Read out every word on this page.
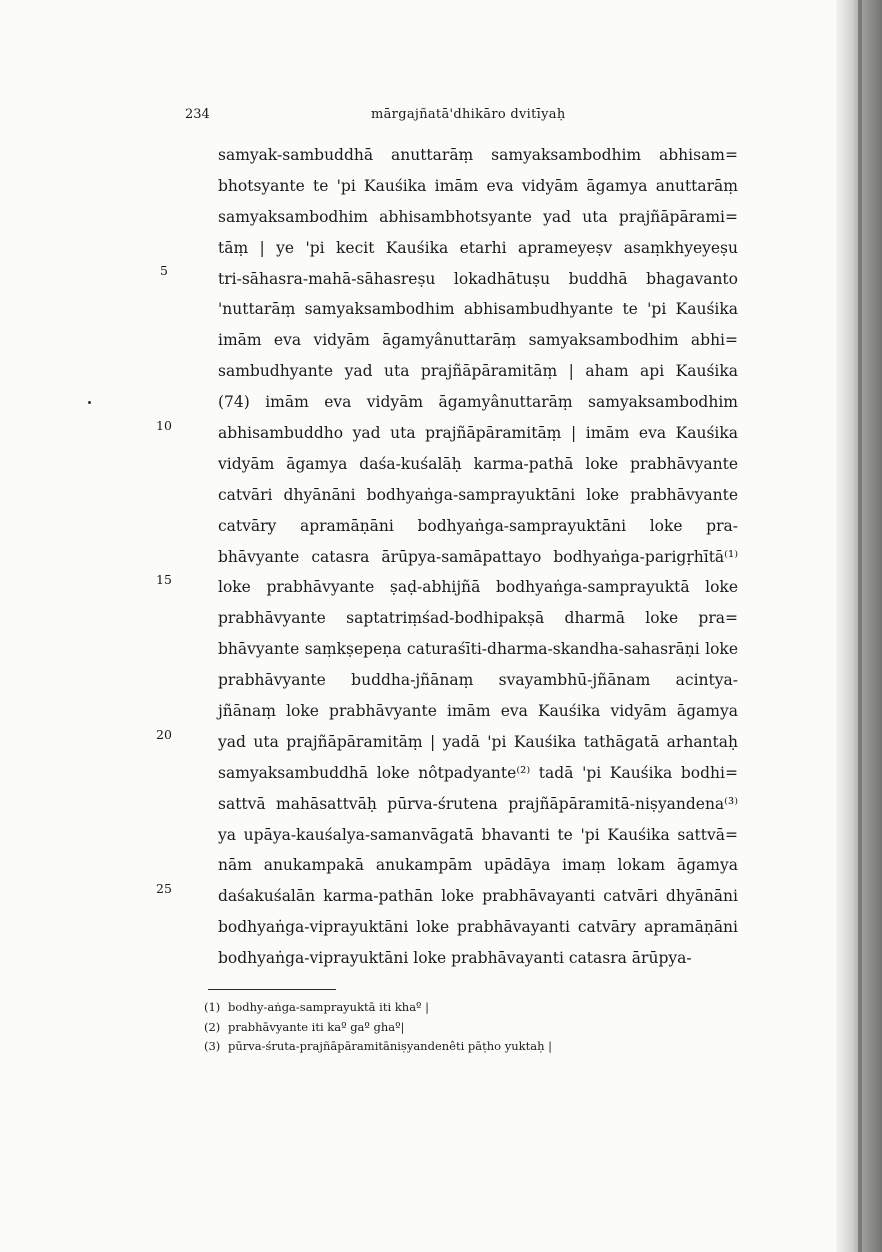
234	mārgajñatā'dhikāro dvitīyaḥ
5
10
15
20
25
samyak-sambuddhā anuttarāṃ samyaksambodhim abhisam=
bhotsyante te 'pi Kauśika imām eva vidyām āgamya anuttarāṃ
samyaksambodhim abhisambhotsyante yad uta prajñāpārami=
tāṃ | ye 'pi kecit Kauśika etarhi aprameyeṣv asaṃkhyeyeṣu
tri-sāhasra-mahā-sāhasreṣu lokadhātuṣu buddhā bhagavanto
'nuttarāṃ samyaksambodhim abhisambudhyante te 'pi Kauśika
imām eva vidyām āgamyânuttarāṃ samyaksambodhim abhi=
sambudhyante yad uta prajñāpāramitāṃ | aham api Kauśika
(74) imām eva vidyām āgamyânuttarāṃ samyaksambodhim
abhisambuddho yad uta prajñāpāramitāṃ | imām eva Kauśika
vidyām āgamya daśa-kuśalāḥ karma-pathā loke prabhāvyante
catvāri dhyānāni bodhyaṅga-samprayuktāni loke prabhāvyante
catvāry apramāṇāni bodhyaṅga-samprayuktāni loke pra-
bhāvyante catasra ārūpya-samāpattayo bodhyaṅga-parigṛhītā⁽¹⁾
loke prabhāvyante ṣaḍ-abhijñā bodhyaṅga-samprayuktā loke
prabhāvyante saptatriṃśad-bodhipakṣā dharmā loke pra=
bhāvyante saṃkṣepeṇa caturaśīti-dharma-skandha-sahasrāṇi loke
prabhāvyante buddha-jñānaṃ svayambhū-jñānam acintya-
jñānaṃ loke prabhāvyante imām eva Kauśika vidyām āgamya
yad uta prajñāpāramitāṃ | yadā 'pi Kauśika tathāgatā arhantaḥ
samyaksambuddhā loke nôtpadyante⁽²⁾ tadā 'pi Kauśika bodhi=
sattvā mahāsattvāḥ pūrva-śrutena prajñāpāramitā-niṣyandena⁽³⁾
ya upāya-kauśalya-samanvāgatā bhavanti te 'pi Kauśika sattvā=
nām anukampakā anukampām upādāya imaṃ lokam āgamya
daśakuśalān karma-pathān loke prabhāvayanti catvāri dhyānāni
bodhyaṅga-viprayuktāni loke prabhāvayanti catvāry apramāṇāni
bodhyaṅga-viprayuktāni loke prabhāvayanti catasra ārūpya-
(1) bodhy-aṅga-samprayuktā iti khaº |
(2) prabhāvyante iti kaº gaº ghaº|
(3) pūrva-śruta-prajñāpāramitāniṣyandenêti pāṭho yuktaḥ |
